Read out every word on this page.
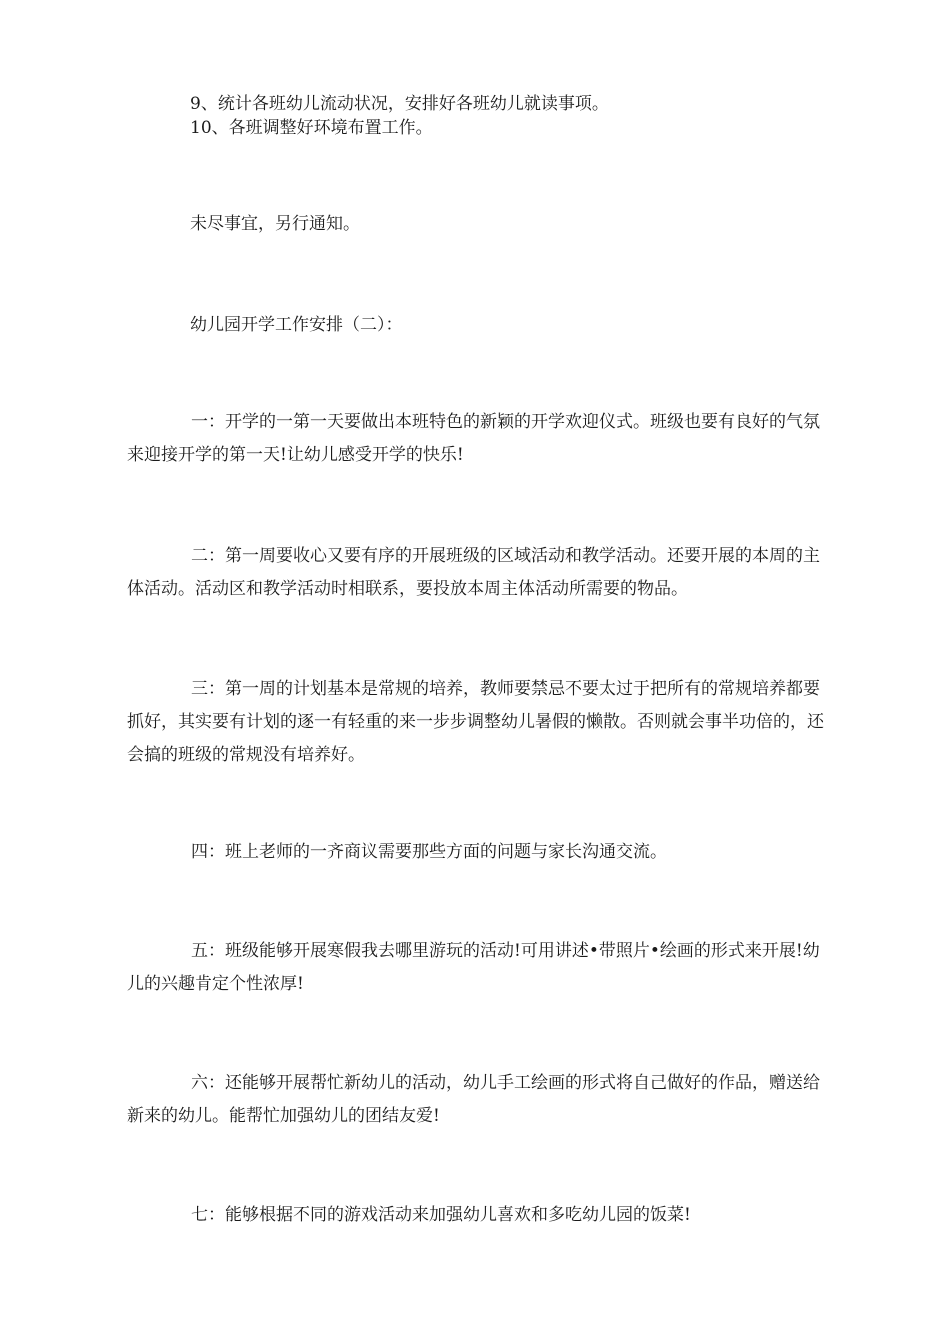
9、统计各班幼儿流动状况，安排好各班幼儿就读事项。
10、各班调整好环境布置工作。
未尽事宜，另行通知。
幼儿园开学工作安排（二）：
一：开学的一第一天要做出本班特色的新颖的开学欢迎仪式。班级也要有良好的气氛来迎接开学的第一天!让幼儿感受开学的快乐!
二：第一周要收心又要有序的开展班级的区域活动和教学活动。还要开展的本周的主体活动。活动区和教学活动时相联系，要投放本周主体活动所需要的物品。
三：第一周的计划基本是常规的培养，教师要禁忌不要太过于把所有的常规培养都要抓好，其实要有计划的逐一有轻重的来一步步调整幼儿暑假的懒散。否则就会事半功倍的，还会搞的班级的常规没有培养好。
四：班上老师的一齐商议需要那些方面的问题与家长沟通交流。
五：班级能够开展寒假我去哪里游玩的活动!可用讲述•带照片•绘画的形式来开展!幼儿的兴趣肯定个性浓厚!
六：还能够开展帮忙新幼儿的活动，幼儿手工绘画的形式将自己做好的作品，赠送给新来的幼儿。能帮忙加强幼儿的团结友爱!
七：能够根据不同的游戏活动来加强幼儿喜欢和多吃幼儿园的饭菜!
